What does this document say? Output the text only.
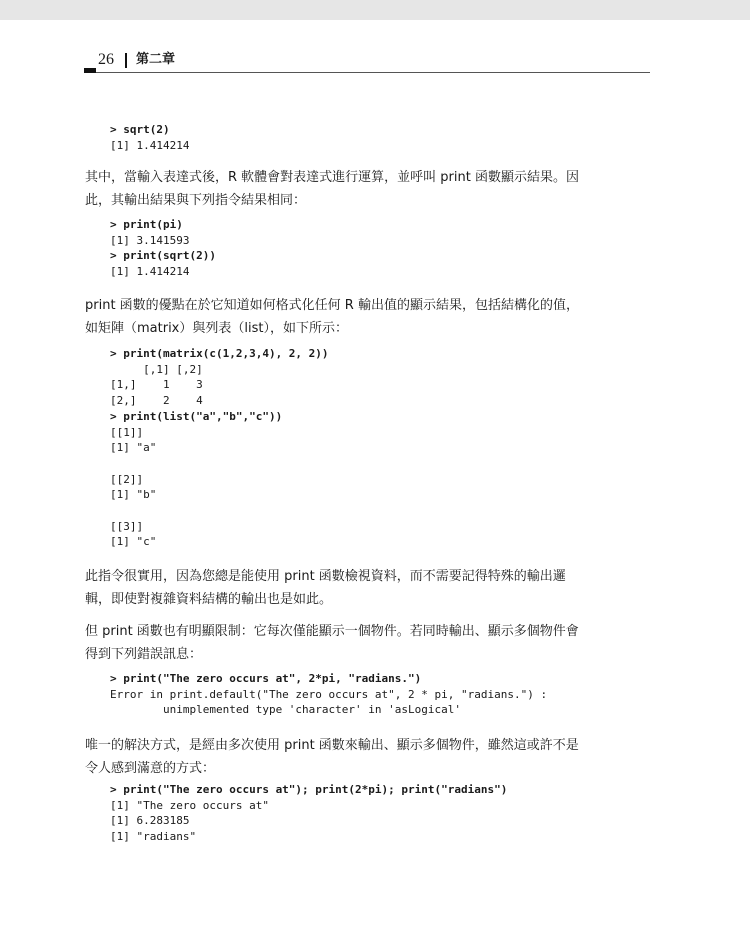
26 第二章
> sqrt(2)
[1] 1.414214
其中，當輸入表達式後，R 軟體會對表達式進行運算，並呼叫 print 函數顯示結果。因
此，其輸出結果與下列指令結果相同：
> print(pi)
[1] 3.141593
> print(sqrt(2))
[1] 1.414214
print 函數的優點在於它知道如何格式化任何 R 輸出值的顯示結果，包括結構化的值，
如矩陣（matrix）與列表（list），如下所示：
> print(matrix(c(1,2,3,4), 2, 2))
[,1] [,2]
[1,]    1    3
[2,]    2    4
> print(list("a","b","c"))
[[1]]
[1] "a"
[[2]]
[1] "b"
[[3]]
[1] "c"
此指令很實用，因為您總是能使用 print 函數檢視資料，而不需要記得特殊的輸出邏
輯，即使對複雜資料結構的輸出也是如此。
但 print 函數也有明顯限制：它每次僅能顯示一個物件。若同時輸出、顯示多個物件會
得到下列錯誤訊息：
> print("The zero occurs at", 2*pi, "radians.")
Error in print.default("The zero occurs at", 2 * pi, "radians.") :
unimplemented type 'character' in 'asLogical'
唯一的解決方式，是經由多次使用 print 函數來輸出、顯示多個物件，雖然這或許不是
令人感到滿意的方式：
> print("The zero occurs at"); print(2*pi); print("radians")
[1] "The zero occurs at"
[1] 6.283185
[1] "radians"
